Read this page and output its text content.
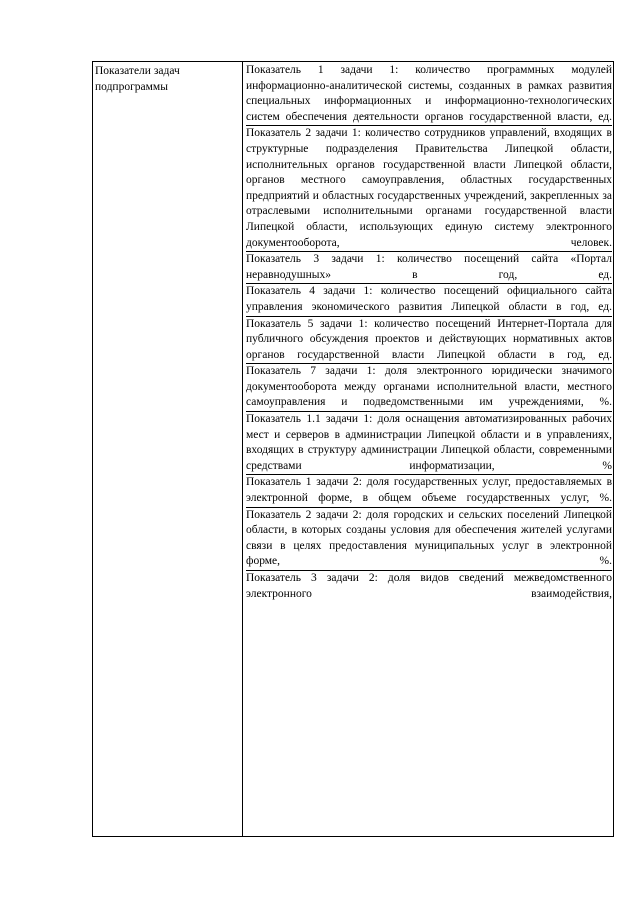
Показатели задач подпрограммы

Показатель 1 задачи 1: количество программных модулей информационно-аналитической системы, созданных в рамках развития специальных информационных и информационно-технологических систем обеспечения деятельности органов государственной власти, ед.

Показатель 2 задачи 1: количество сотрудников управлений, входящих в структурные подразделения Правительства Липецкой области, исполнительных органов государственной власти Липецкой области, органов местного самоуправления, областных государственных предприятий и областных государственных учреждений, закрепленных за отраслевыми исполнительными органами государственной власти Липецкой области, использующих единую систему электронного документооборота, человек.

Показатель 3 задачи 1: количество посещений сайта «Портал неравнодушных» в год, ед.

Показатель 4 задачи 1: количество посещений официального сайта управления экономического развития Липецкой области в год, ед.

Показатель 5 задачи 1: количество посещений Интернет-Портала для публичного обсуждения проектов и действующих нормативных актов органов государственной власти Липецкой области в год, ед.

Показатель 7 задачи 1: доля электронного юридически значимого документооборота между органами исполнительной власти, местного самоуправления и подведомственными им учреждениями, %.

Показатель 1.1 задачи 1: доля оснащения автоматизированных рабочих мест и серверов в администрации Липецкой области и в управлениях, входящих в структуру администрации Липецкой области, современными средствами информатизации, %

Показатель 1 задачи 2: доля государственных услуг, предоставляемых в электронной форме, в общем объеме государственных услуг, %.

Показатель 2 задачи 2: доля городских и сельских поселений Липецкой области, в которых созданы условия для обеспечения жителей услугами связи в целях предоставления муниципальных услуг в электронной форме, %.

Показатель 3 задачи 2: доля видов сведений межведомственного электронного взаимодействия,
